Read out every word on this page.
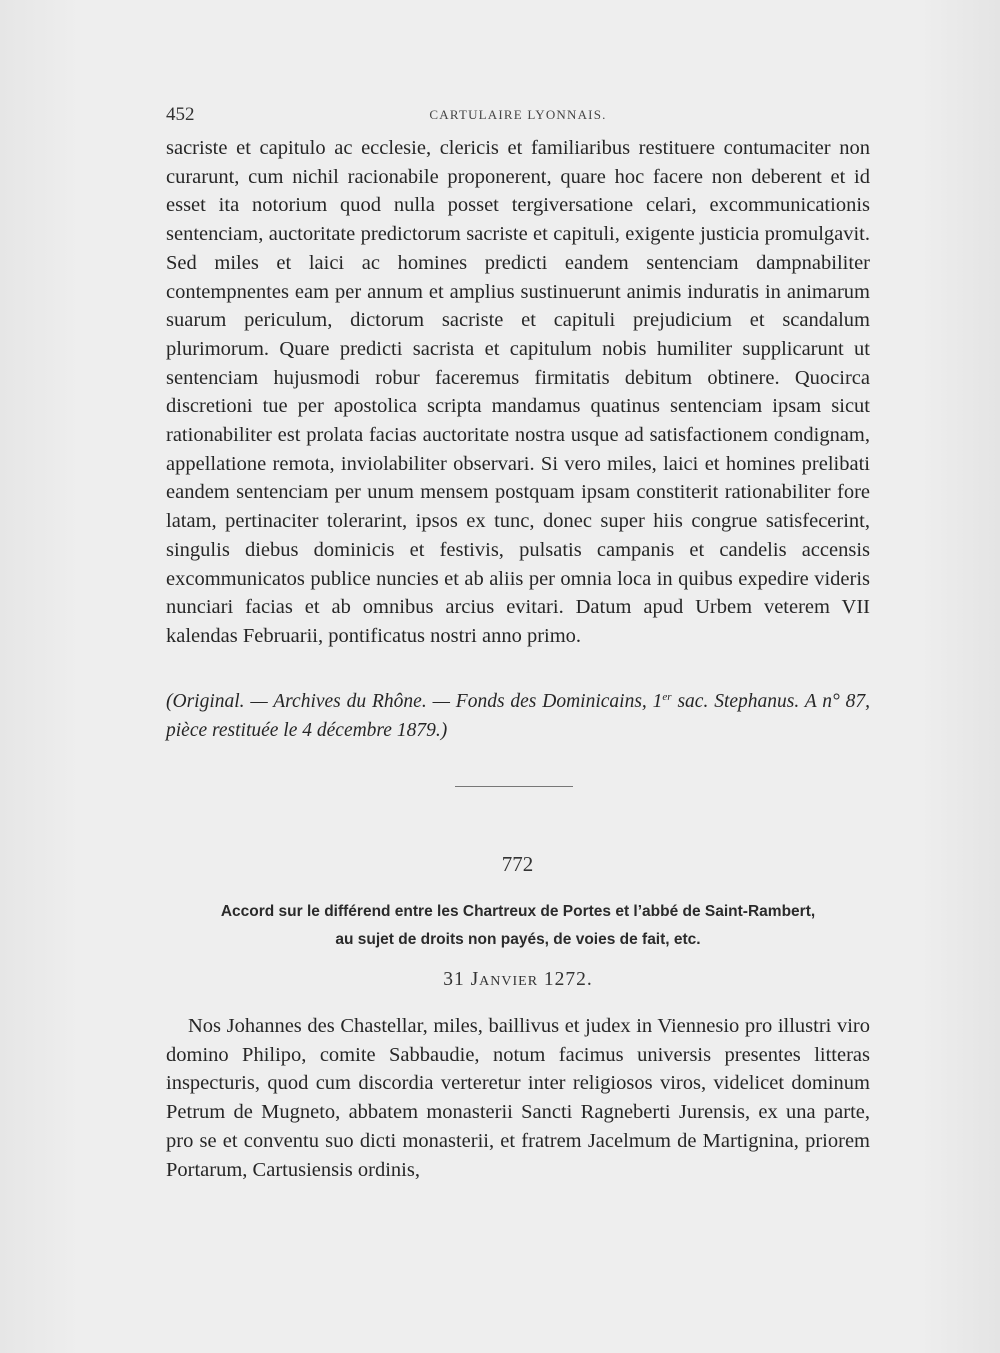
452	CARTULAIRE LYONNAIS.

sacriste et capitulo ac ecclesie, clericis et familiaribus restituere contumaciter non curarunt, cum nichil racionabile proponerent, quare hoc facere non deberent et id esset ita notorium quod nulla posset tergiversatione celari, excommunicationis sentenciam, auctoritate predictorum sacriste et capituli, exigente justicia promulgavit. Sed miles et laici ac homines predicti eandem sentenciam dampnabiliter contempnentes eam per annum et amplius sustinuerunt animis induratis in animarum suarum periculum, dictorum sacriste et capituli prejudicium et scandalum plurimorum. Quare predicti sacrista et capitulum nobis humiliter supplicarunt ut sentenciam hujusmodi robur faceremus firmitatis debitum obtinere. Quocirca discretioni tue per apostolica scripta mandamus quatinus sentenciam ipsam sicut rationabiliter est prolata facias auctoritate nostra usque ad satisfactionem condignam, appellatione remota, inviolabiliter observari. Si vero miles, laici et homines prelibati eandem sentenciam per unum mensem postquam ipsam constiterit rationabiliter fore latam, pertinaciter tolerarint, ipsos ex tunc, donec super hiis congrue satisfecerint, singulis diebus dominicis et festivis, pulsatis campanis et candelis accensis excommunicatos publice nuncies et ab aliis per omnia loca in quibus expedire videris nunciari facias et ab omnibus arcius evitari. Datum apud Urbem veterem VII kalendas Februarii, pontificatus nostri anno primo.

(Original. — Archives du Rhône. — Fonds des Dominicains, 1er sac. Stephanus. A n° 87, pièce restituée le 4 décembre 1879.)
772
Accord sur le différend entre les Chartreux de Portes et l’abbé de Saint-Rambert,
au sujet de droits non payés, de voies de fait, etc.
31 Janvier 1272.

Nos Johannes des Chastellar, miles, baillivus et judex in Viennesio pro illustri viro domino Philipo, comite Sabbaudie, notum facimus universis presentes litteras inspecturis, quod cum discordia verteretur inter religiosos viros, videlicet dominum Petrum de Mugneto, abbatem monasterii Sancti Ragneberti Jurensis, ex una parte, pro se et conventu suo dicti monasterii, et fratrem Jacelmum de Martignina, priorem Portarum, Cartusiensis ordinis,
